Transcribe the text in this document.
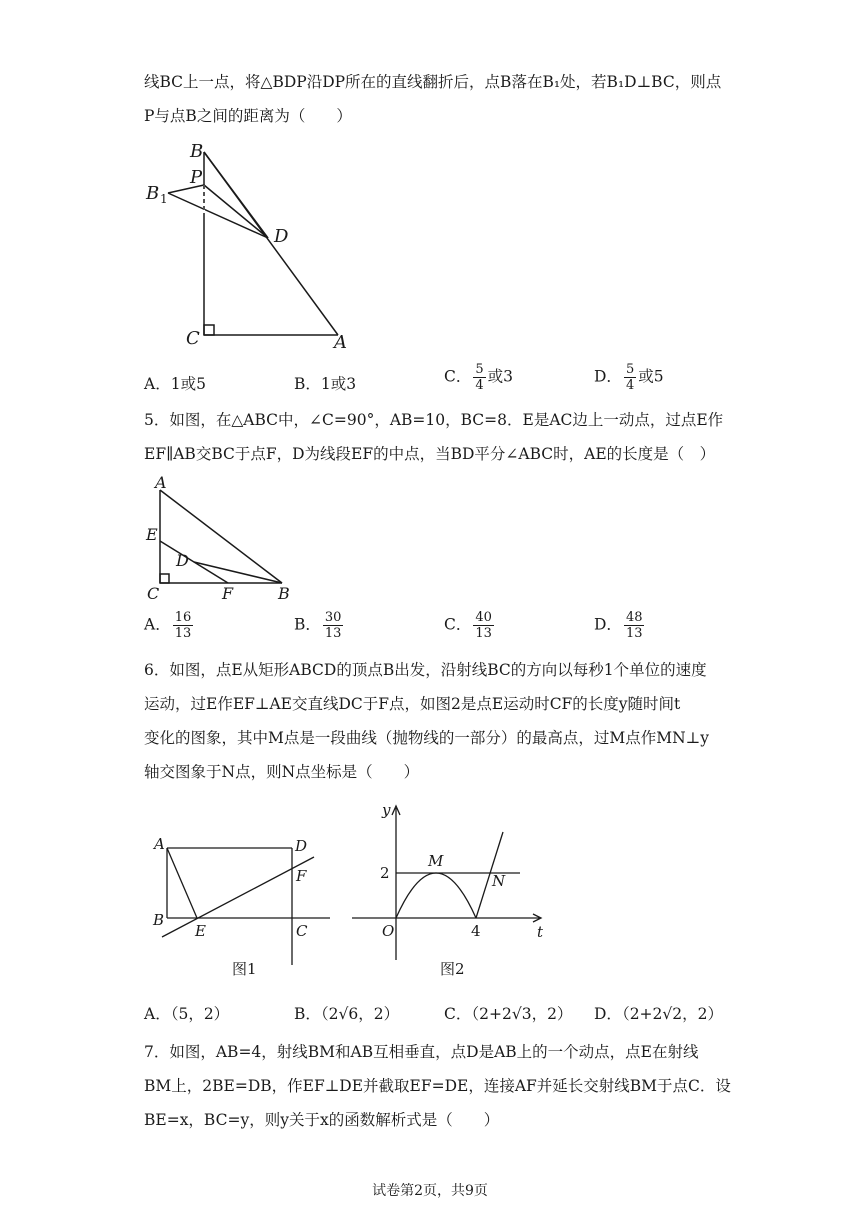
线BC上一点，将△BDP沿DP所在的直线翻折后，点B落在B₁处，若B₁D⊥BC，则点
P与点B之间的距离为（　　）
B
P
B 1
D
C	A
A．1或5	B．1或3	C． $\frac{5}{4}$ 或3	D． $\frac{5}{4}$ 或5
5．如图，在△ABC中，∠C=90°，AB=10，BC=8．E是AC边上一动点，过点E作
EF∥AB交BC于点F，D为线段EF的中点，当BD平分∠ABC时，AE的长度是（　）
A
E
D
C	F	B
A． $\frac{16}{13}$	B． $\frac{30}{13}$	C． $\frac{40}{13}$	D． $\frac{48}{13}$
6．如图，点E从矩形ABCD的顶点B出发，沿射线BC的方向以每秒1个单位的速度
运动，过E作EF⊥AE交直线DC于F点，如图2是点E运动时CF的长度y随时间t
变化的图象，其中M点是一段曲线（抛物线的一部分）的最高点，过M点作MN⊥y
轴交图象于N点，则N点坐标是（　　）
A	D
F
B
E	C
图1
y
2
M
N
O	4	t
图2
A．（5，2）	B．（2√6，2）	C．（2+2√3，2） D．（2+2√2，2）
7．如图，AB=4，射线BM和AB互相垂直，点D是AB上的一个动点，点E在射线
BM上，2BE=DB，作EF⊥DE并截取EF=DE，连接AF并延长交射线BM于点C．设
BE=x，BC=y，则y关于x的函数解析式是（　　）
试卷第2页，共9页
